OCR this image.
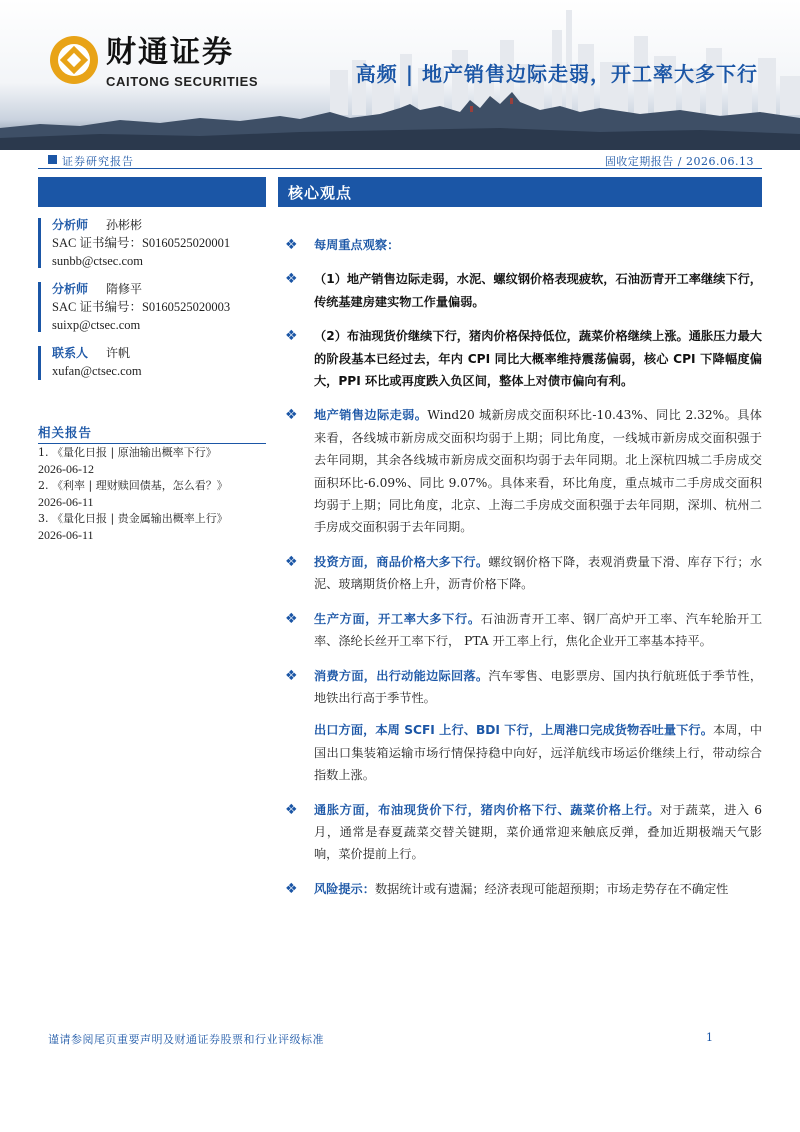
财通证券
CAITONG SECURITIES	高频 | 地产销售边际走弱，开工率大多下行
证券研究报告	固收定期报告 / 2026.06.13
分析师 孙彬彬
SAC 证书编号：S0160525020001
sunbb@ctsec.com
分析师 隋修平
SAC 证书编号：S0160525020003
suixp@ctsec.com
联系人 许帆
xufan@ctsec.com
相关报告
1. 《量化日报 | 原油输出概率下行》
2026-06-12
2. 《利率 | 理财赎回债基，怎么看？》
2026-06-11
3. 《量化日报 | 贵金属输出概率上行》
2026-06-11
核心观点
❖ 每周重点观察：
❖ （1）地产销售边际走弱，水泥、螺纹钢价格表现疲软，石油沥青开工率继续下行，传统基建房建实物工作量偏弱。
❖ （2）布油现货价继续下行，猪肉价格保持低位，蔬菜价格继续上涨。通胀压力最大的阶段基本已经过去，年内 CPI 同比大概率维持震荡偏弱，核心 CPI 下降幅度偏大，PPI 环比或再度跌入负区间，整体上对债市偏向有利。
❖ 地产销售边际走弱。Wind20 城新房成交面积环比-10.43%、同比 2.32%。具体来看，各线城市新房成交面积均弱于上期；同比角度，一线城市新房成交面积强于去年同期，其余各线城市新房成交面积均弱于去年同期。北上深杭四城二手房成交面积环比-6.09%、同比 9.07%。具体来看，环比角度，重点城市二手房成交面积均弱于上期；同比角度，北京、上海二手房成交面积强于去年同期，深圳、杭州二手房成交面积弱于去年同期。
❖ 投资方面，商品价格大多下行。螺纹钢价格下降，表观消费量下滑、库存下行；水泥、玻璃期货价格上升，沥青价格下降。
❖ 生产方面，开工率大多下行。石油沥青开工率、钢厂高炉开工率、汽车轮胎开工率、涤纶长丝开工率下行， PTA 开工率上行，焦化企业开工率基本持平。
❖ 消费方面，出行动能边际回落。汽车零售、电影票房、国内执行航班低于季节性，地铁出行高于季节性。
出口方面，本周 SCFI 上行、BDI 下行，上周港口完成货物吞吐量下行。本周，中国出口集装箱运输市场行情保持稳中向好，远洋航线市场运价继续上行，带动综合指数上涨。
❖ 通胀方面，布油现货价下行，猪肉价格下行、蔬菜价格上行。对于蔬菜，进入 6 月，通常是春夏蔬菜交替关键期，菜价通常迎来触底反弹，叠加近期极端天气影响，菜价提前上行。
❖ 风险提示：数据统计或有遗漏；经济表现可能超预期；市场走势存在不确定性
谨请参阅尾页重要声明及财通证券股票和行业评级标准	1
